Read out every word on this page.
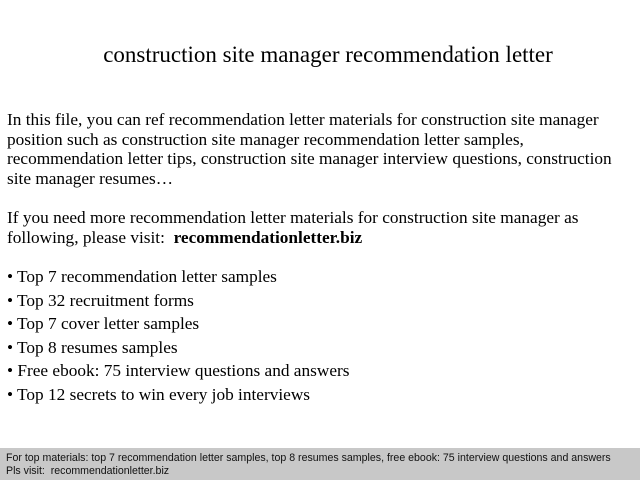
construction site manager recommendation letter

In this file, you can ref recommendation letter materials for construction site manager position such as construction site manager recommendation letter samples, recommendation letter tips, construction site manager interview questions, construction site manager resumes…

If you need more recommendation letter materials for construction site manager as following, please visit: recommendationletter.biz

• Top 7 recommendation letter samples
• Top 32 recruitment forms
• Top 7 cover letter samples
• Top 8 resumes samples
• Free ebook: 75 interview questions and answers
• Top 12 secrets to win every job interviews
For top materials: top 7 recommendation letter samples, top 8 resumes samples, free ebook: 75 interview questions and answers
Pls visit:  recommendationletter.biz
